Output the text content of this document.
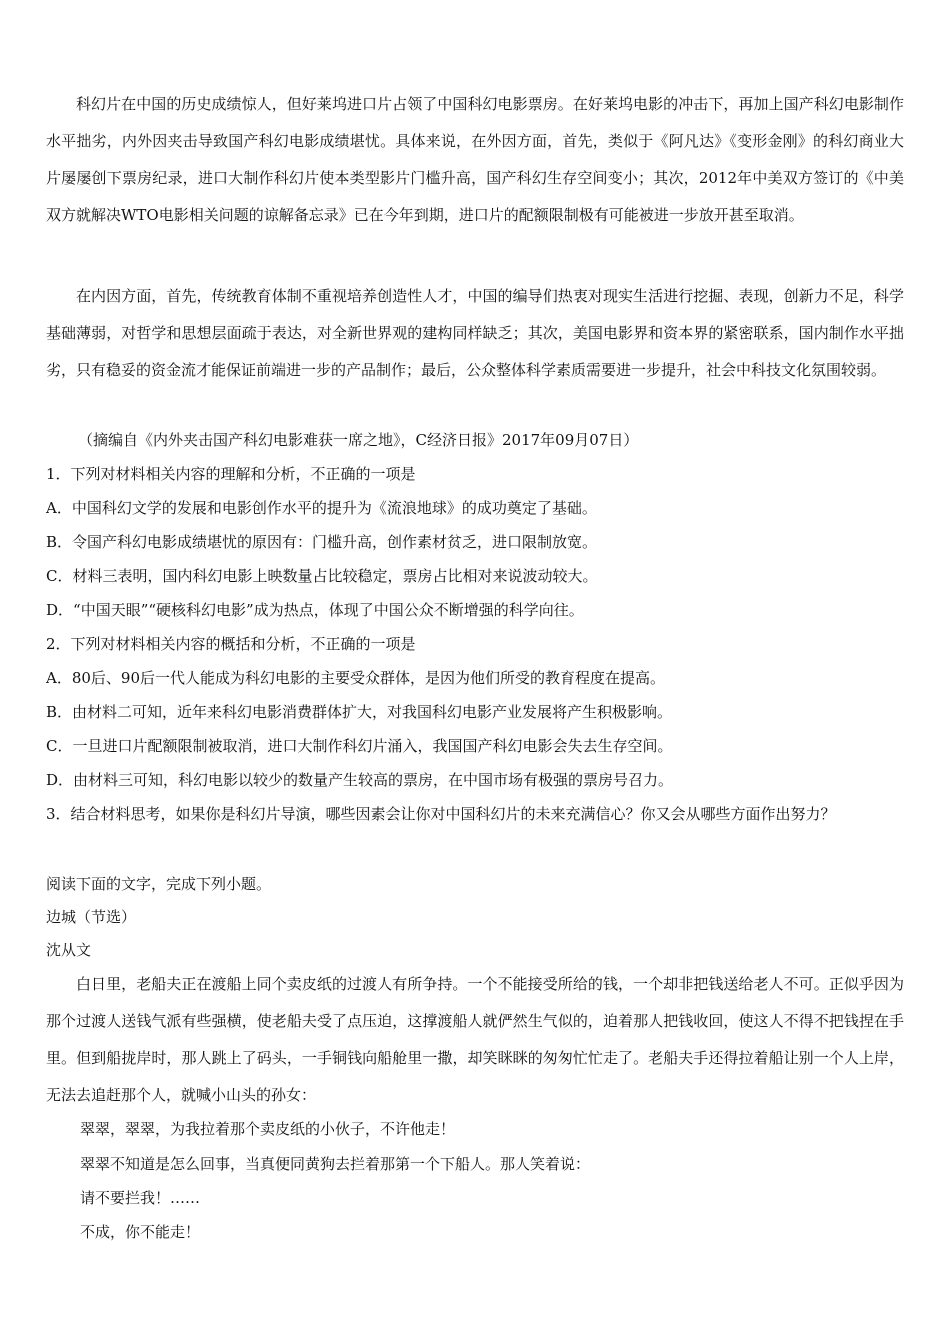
科幻片在中国的历史成绩惊人，但好莱坞进口片占领了中国科幻电影票房。在好莱坞电影的冲击下，再加上国产科幻电影制作水平拙劣，内外因夹击导致国产科幻电影成绩堪忧。具体来说，在外因方面，首先，类似于《阿凡达》《变形金刚》的科幻商业大片屡屡创下票房纪录，进口大制作科幻片使本类型影片门槛升高，国产科幻生存空间变小；其次，2012年中美双方签订的《中美双方就解决WTO电影相关问题的谅解备忘录》已在今年到期，进口片的配额限制极有可能被进一步放开甚至取消。

在内因方面，首先，传统教育体制不重视培养创造性人才，中国的编导们热衷对现实生活进行挖掘、表现，创新力不足，科学基础薄弱，对哲学和思想层面疏于表达，对全新世界观的建构同样缺乏；其次，美国电影界和资本界的紧密联系，国内制作水平拙劣，只有稳妥的资金流才能保证前端进一步的产品制作；最后，公众整体科学素质需要进一步提升，社会中科技文化氛围较弱。

（摘编自《内外夹击国产科幻电影难获一席之地》，C经济日报》2017年09月07日）

1．下列对材料相关内容的理解和分析，不正确的一项是

A．中国科幻文学的发展和电影创作水平的提升为《流浪地球》的成功奠定了基础。

B．令国产科幻电影成绩堪忧的原因有：门槛升高，创作素材贫乏，进口限制放宽。

C．材料三表明，国内科幻电影上映数量占比较稳定，票房占比相对来说波动较大。

D．“中国天眼”“硬核科幻电影”成为热点，体现了中国公众不断增强的科学向往。

2．下列对材料相关内容的概括和分析，不正确的一项是

A．80后、90后一代人能成为科幻电影的主要受众群体，是因为他们所受的教育程度在提高。

B．由材料二可知，近年来科幻电影消费群体扩大，对我国科幻电影产业发展将产生积极影响。

C．一旦进口片配额限制被取消，进口大制作科幻片涌入，我国国产科幻电影会失去生存空间。

D．由材料三可知，科幻电影以较少的数量产生较高的票房，在中国市场有极强的票房号召力。

3．结合材料思考，如果你是科幻片导演，哪些因素会让你对中国科幻片的未来充满信心？你又会从哪些方面作出努力？

阅读下面的文字，完成下列小题。

边城（节选）

沈从文

白日里，老船夫正在渡船上同个卖皮纸的过渡人有所争持。一个不能接受所给的钱，一个却非把钱送给老人不可。正似乎因为那个过渡人送钱气派有些强横，使老船夫受了点压迫，这撑渡船人就俨然生气似的，迫着那人把钱收回，使这人不得不把钱捏在手里。但到船拢岸时，那人跳上了码头，一手铜钱向船舱里一撒，却笑眯眯的匆匆忙忙走了。老船夫手还得拉着船让别一个人上岸，无法去追赶那个人，就喊小山头的孙女：

翠翠，翠翠，为我拉着那个卖皮纸的小伙子，不许他走！

翠翠不知道是怎么回事，当真便同黄狗去拦着那第一个下船人。那人笑着说：

请不要拦我！……

不成，你不能走！
